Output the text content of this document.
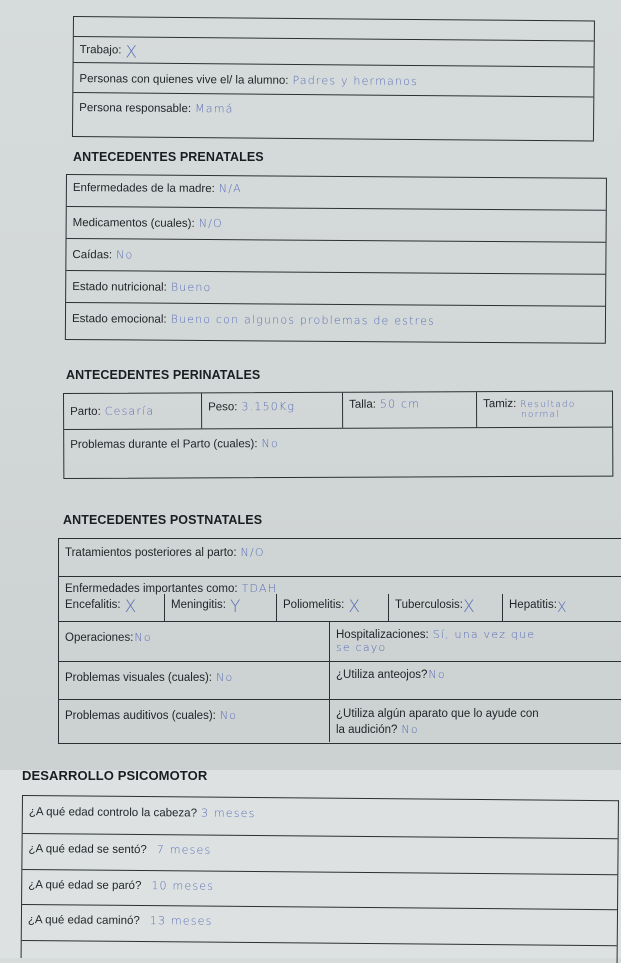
Trabajo: X
Personas con quienes vive el/ la alumno: Padres y hermanos
Persona responsable: Mamá
ANTECEDENTES PRENATALES
Enfermedades de la madre: N/A
Medicamentos (cuales): N/O
Caídas: No
Estado nutricional: Bueno
Estado emocional: Bueno con algunos problemas de estres
ANTECEDENTES PERINATALES
Parto: Cesaría	Peso: 3.150Kg	Talla: 50 cm	Tamiz: Resultado
normal
Problemas durante el Parto (cuales): No
ANTECEDENTES POSTNATALES
Tratamientos posteriores al parto: N/O
Enfermedades importantes como: TDAH
Encefalitis: X	Meningitis: Y	Poliomelitis: X	Tuberculosis:X	Hepatitis:X
Operaciones:No	Hospitalizaciones: Sí, una vez que
se cayo
Problemas visuales (cuales): No	¿Utiliza anteojos?No
Problemas auditivos (cuales): No	¿Utiliza algún aparato que lo ayude con
la audición? No
DESARROLLO PSICOMOTOR
¿A qué edad controlo la cabeza? 3 meses
¿A qué edad se sentó? 7 meses
¿A qué edad se paró? 10 meses
¿A qué edad caminó? 13 meses
